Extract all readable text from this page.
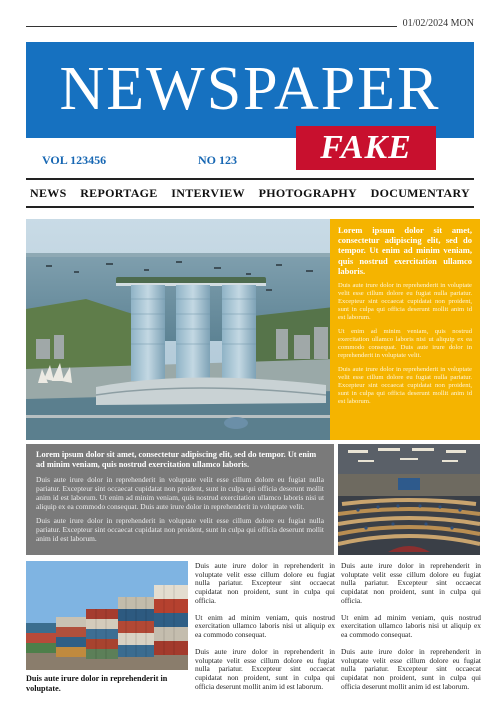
01/02/2024 MON
NEWSPAPER
FAKE
VOL 123456	NO 123
NEWS REPORTAGE INTERVIEW PHOTOGRAPHY DOCUMENTARY
Lorem ipsum dolor sit amet, consectetur adipiscing elit, sed do tempor. Ut enim ad minim veniam, quis nostrud exercitation ullamco laboris.

Duis aute irure dolor in reprehenderit in voluptate velit esse cillum dolore eu fugiat nulla pariatur. Excepteur sint occaecat cupidatat non proident, sunt in culpa qui officia deserunt mollit anim id est laborum.

Ut enim ad minim veniam, quis nostrud exercitation ullamco laboris nisi ut aliquip ex ea commodo consequat. Duis aute irure dolor in reprehenderit in voluptate velit.

Duis aute irure dolor in reprehenderit in voluptate velit esse cillum dolore eu fugiat nulla pariatur. Excepteur sint occaecat cupidatat non proident, sunt in culpa qui officia deserunt mollit anim id est laborum.

Lorem ipsum dolor sit amet, consectetur adipiscing elit, sed do tempor. Ut enim ad minim veniam, quis nostrud exercitation ullamco laboris.

Duis aute irure dolor in reprehenderit in voluptate velit esse cillum dolore eu fugiat nulla pariatur. Excepteur sint occaecat cupidatat non proident, sunt in culpa qui officia deserunt mollit anim id est laborum. Ut enim ad minim veniam, quis nostrud exercitation ullamco laboris nisi ut aliquip ex ea commodo consequat. Duis aute irure dolor in reprehenderit in voluptate velit.

Duis aute irure dolor in reprehenderit in voluptate velit esse cillum dolore eu fugiat nulla pariatur. Excepteur sint occaecat cupidatat non proident, sunt in culpa qui officia deserunt mollit anim id est laborum.

Duis aute irure dolor in reprehenderit in voluptate.

Duis aute irure dolor in reprehenderit in voluptate velit esse cillum dolore eu fugiat nulla pariatur. Excepteur sint occaecat cupidatat non proident, sunt in culpa qui officia.

Ut enim ad minim veniam, quis nostrud exercitation ullamco laboris nisi ut aliquip ex ea commodo consequat.

Duis aute irure dolor in reprehenderit in voluptate velit esse cillum dolore eu fugiat nulla pariatur. Excepteur sint occaecat cupidatat non proident, sunt in culpa qui officia deserunt mollit anim id est laborum.

Duis aute irure dolor in reprehenderit in voluptate velit esse cillum dolore eu fugiat nulla pariatur. Excepteur sint occaecat cupidatat non proident, sunt in culpa qui officia.

Ut enim ad minim veniam, quis nostrud exercitation ullamco laboris nisi ut aliquip ex ea commodo consequat.

Duis aute irure dolor in reprehenderit in voluptate velit esse cillum dolore eu fugiat nulla pariatur. Excepteur sint occaecat cupidatat non proident, sunt in culpa qui officia deserunt mollit anim id est laborum.
